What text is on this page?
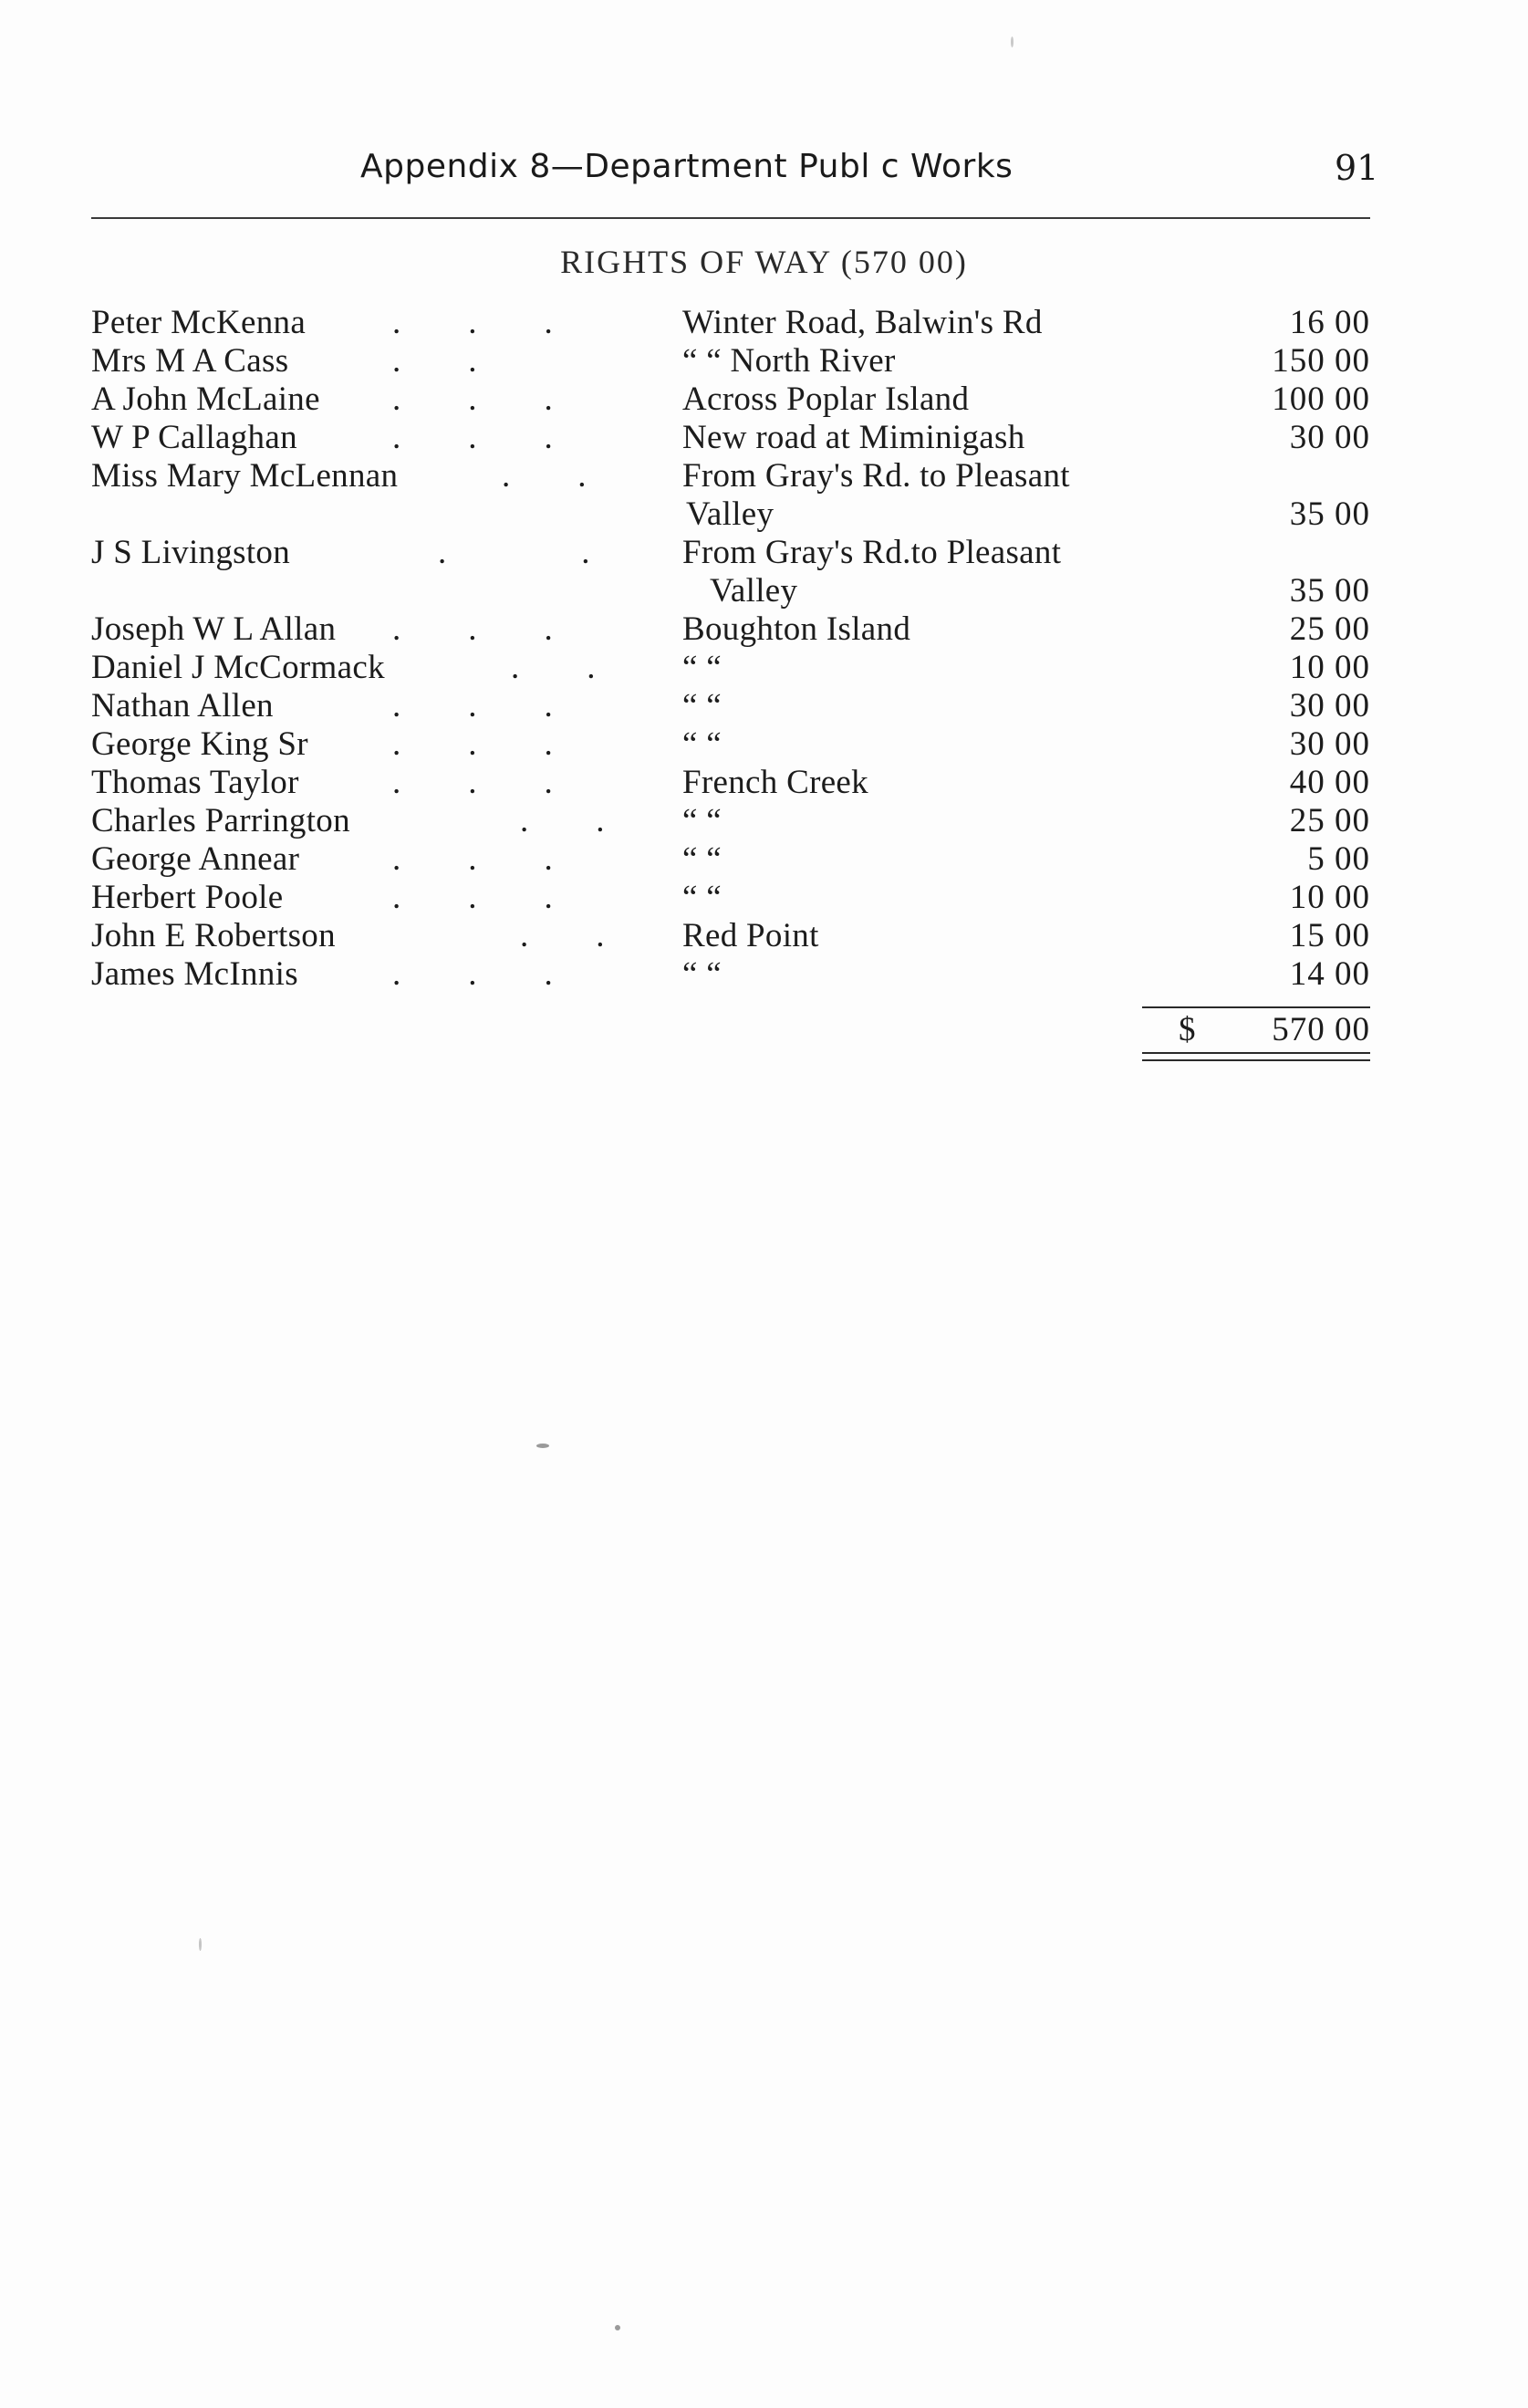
Appendix 8—Department Publ c Works	91
RIGHTS OF WAY (570 00)
Peter McKenna	.        .        .	Winter Road, Balwin's Rd	16 00
Mrs M A Cass	.        .	“ “ North River	150 00
A John McLaine .        .        .	Across Poplar Island	100 00
W P Callaghan	.        .        .	New road at Miminigash	30 00
Miss Mary McLennan	.        .	From Gray's Rd. to Pleasant
Valley	35 00
J S Livingston	.                .	From Gray's Rd.to Pleasant
Valley	35 00
Joseph W L Allan .        .        .	Boughton Island	25 00
Daniel J McCormack	.        .	“ “	10 00
Nathan Allen	.        .        .	“ “	30 00
George King Sr .        .        .	“ “	30 00
Thomas Taylor	.        .        .	French Creek	40 00
Charles Parrington	.        .	“ “	25 00
George Annear	.        .        .	“ “	5 00
Herbert Poole	.        .        .	“ “	10 00
John E Robertson	.        .	Red Point	15 00
James McInnis	.        .        .	“ “	14 00
$ 570 00
